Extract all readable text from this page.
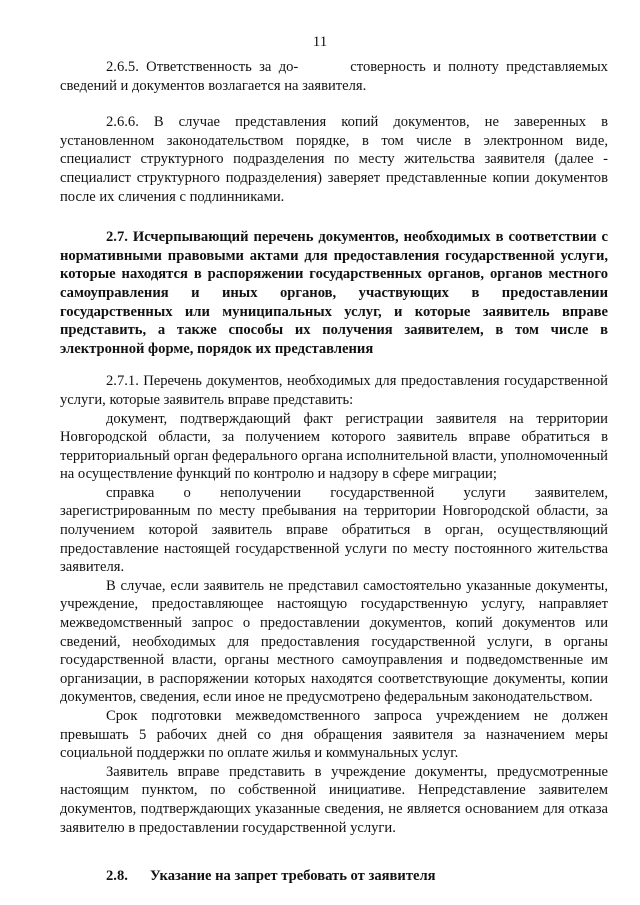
11

2.6.5. Ответственность за до-	стоверность и полноту представляемых сведений и документов возлагается на заявителя.

2.6.6. В случае представления копий документов, не заверенных в установленном законодательством порядке, в том числе в электронном виде, специалист структурного подразделения по месту жительства заявителя (далее - специалист структурного подразделения) заверяет представленные копии документов после их сличения с подлинниками.

2.7. Исчерпывающий перечень документов, необходимых в соответствии с нормативными правовыми актами для предоставления государственной услуги, которые находятся в распоряжении государственных органов, органов местного самоуправления и иных органов, участвующих в предоставлении государственных или муниципальных услуг, и которые заявитель вправе представить, а также способы их получения заявителем, в том числе в электронной форме, порядок их представления

2.7.1. Перечень документов, необходимых для предоставления государственной услуги, которые заявитель вправе представить:

документ, подтверждающий факт регистрации заявителя на территории Новгородской области, за получением которого заявитель вправе обратиться в территориальный орган федерального органа исполнительной власти, уполномоченный на осуществление функций по контролю и надзору в сфере миграции;

справка о неполучении государственной услуги заявителем, зарегистрированным по месту пребывания на территории Новгородской области, за получением которой заявитель вправе обратиться в орган, осуществляющий предоставление настоящей государственной услуги по месту постоянного жительства заявителя.

В случае, если заявитель не представил самостоятельно указанные документы, учреждение, предоставляющее настоящую государственную услугу, направляет межведомственный запрос о предоставлении документов, копий документов или сведений, необходимых для предоставления государственной услуги, в органы государственной власти, органы местного самоуправления и подведомственные им организации, в распоряжении которых находятся соответствующие документы, копии документов, сведения, если иное не предусмотрено федеральным законодательством.

Срок подготовки межведомственного запроса учреждением не должен превышать 5 рабочих дней со дня обращения заявителя за назначением меры социальной поддержки по оплате жилья и коммунальных услуг.

Заявитель вправе представить в учреждение документы, предусмотренные настоящим пунктом, по собственной инициативе. Непредставление заявителем документов, подтверждающих указанные сведения, не является основанием для отказа заявителю в предоставлении государственной услуги.

2.8. Указание на запрет требовать от заявителя
